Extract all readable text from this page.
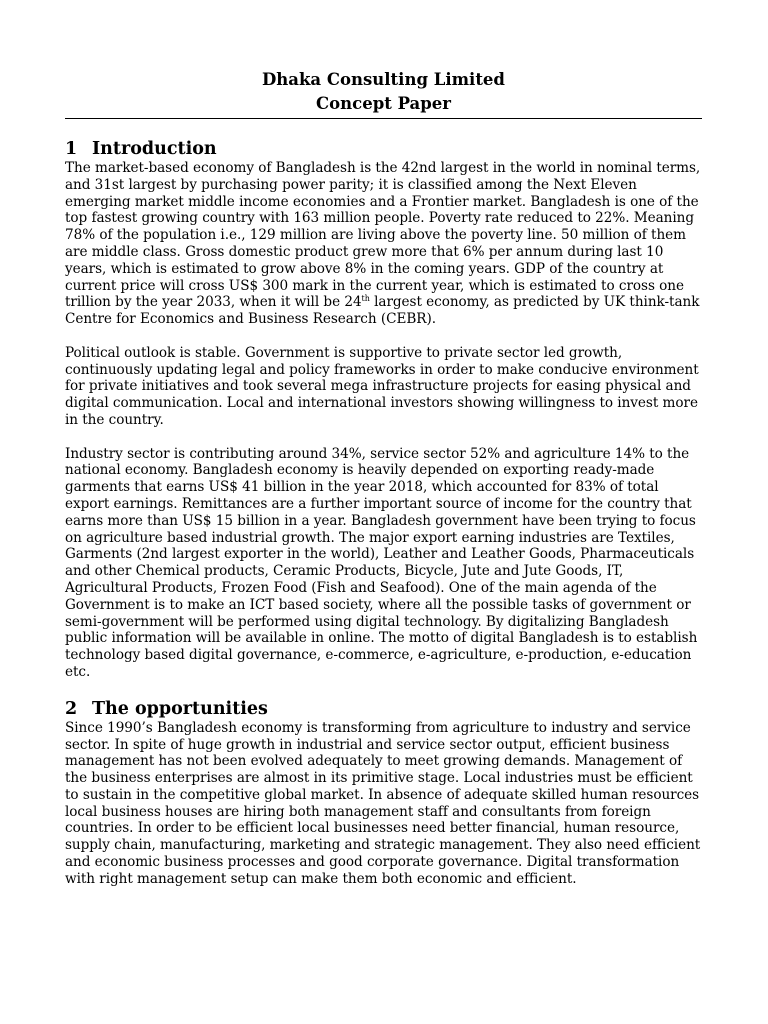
Dhaka Consulting Limited
Concept Paper
1 Introduction

The market-based economy of Bangladesh is the 42nd largest in the world in nominal terms, and 31st largest by purchasing power parity; it is classified among the Next Eleven emerging market middle income economies and a Frontier market. Bangladesh is one of the top fastest growing country with 163 million people. Poverty rate reduced to 22%. Meaning 78% of the population i.e., 129 million are living above the poverty line. 50 million of them are middle class. Gross domestic product grew more that 6% per annum during last 10 years, which is estimated to grow above 8% in the coming years. GDP of the country at current price will cross US$ 300 mark in the current year, which is estimated to cross one trillion by the year 2033, when it will be 24th largest economy, as predicted by UK think-tank Centre for Economics and Business Research (CEBR).

Political outlook is stable. Government is supportive to private sector led growth, continuously updating legal and policy frameworks in order to make conducive environment for private initiatives and took several mega infrastructure projects for easing physical and digital communication. Local and international investors showing willingness to invest more in the country.

Industry sector is contributing around 34%, service sector 52% and agriculture 14% to the national economy. Bangladesh economy is heavily depended on exporting ready-made garments that earns US$ 41 billion in the year 2018, which accounted for 83% of total export earnings. Remittances are a further important source of income for the country that earns more than US$ 15 billion in a year. Bangladesh government have been trying to focus on agriculture based industrial growth. The major export earning industries are Textiles, Garments (2nd largest exporter in the world), Leather and Leather Goods, Pharmaceuticals and other Chemical products, Ceramic Products, Bicycle, Jute and Jute Goods, IT, Agricultural Products, Frozen Food (Fish and Seafood). One of the main agenda of the Government is to make an ICT based society, where all the possible tasks of government or semi-government will be performed using digital technology. By digitalizing Bangladesh public information will be available in online. The motto of digital Bangladesh is to establish technology based digital governance, e-commerce, e-agriculture, e-production, e-education etc.

2 The opportunities

Since 1990’s Bangladesh economy is transforming from agriculture to industry and service sector. In spite of huge growth in industrial and service sector output, efficient business management has not been evolved adequately to meet growing demands. Management of the business enterprises are almost in its primitive stage. Local industries must be efficient to sustain in the competitive global market. In absence of adequate skilled human resources local business houses are hiring both management staff and consultants from foreign countries. In order to be efficient local businesses need better financial, human resource, supply chain, manufacturing, marketing and strategic management. They also need efficient and economic business processes and good corporate governance. Digital transformation with right management setup can make them both economic and efficient.
